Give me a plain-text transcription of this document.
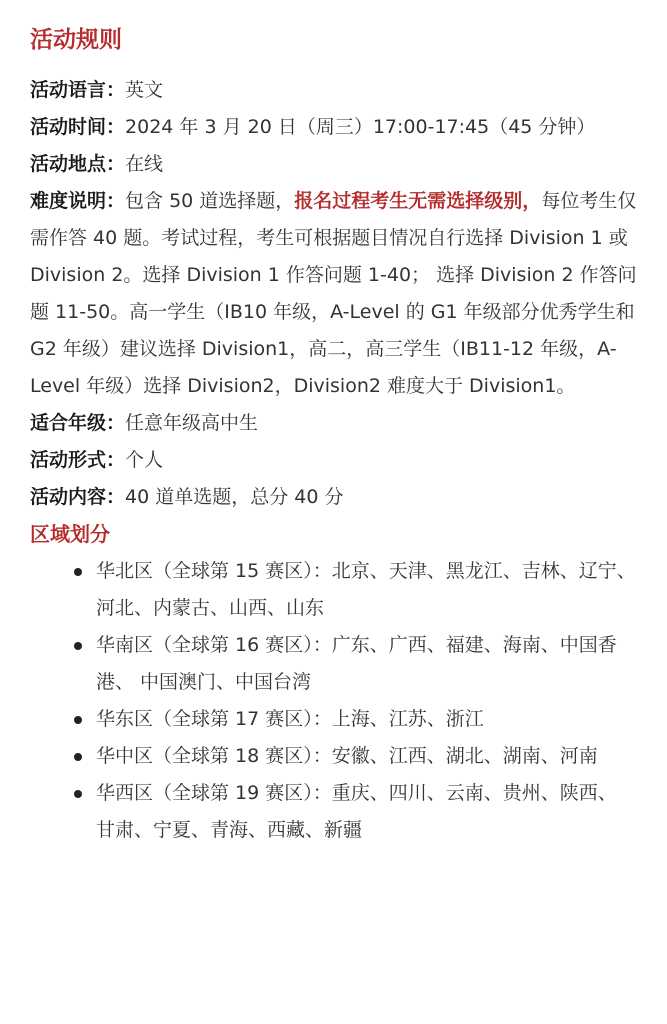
活动规则

活动语言：英文

活动时间：2024 年 3 月 20 日（周三）17:00-17:45（45 分钟）

活动地点：在线

难度说明：包含 50 道选择题，报名过程考生无需选择级别，每位考生仅需作答 40 题。考试过程，考生可根据题目情况自行选择 Division 1 或 Division 2。选择 Division 1 作答问题 1-40； 选择 Division 2 作答问题 11-50。高一学生（IB10 年级，A-Level 的 G1 年级部分优秀学生和 G2 年级）建议选择 Division1，高二，高三学生（IB11-12 年级，A-Level 年级）选择 Division2，Division2 难度大于 Division1。

适合年级：任意年级高中生

活动形式：个人

活动内容：40 道单选题，总分 40 分

区域划分

华北区（全球第 15 赛区）：北京、天津、黑龙江、吉林、辽宁、 河北、内蒙古、山西、山东
华南区（全球第 16 赛区）：广东、广西、福建、海南、中国香港、 中国澳门、中国台湾
华东区（全球第 17 赛区）：上海、江苏、浙江
华中区（全球第 18 赛区）：安徽、江西、湖北、湖南、河南
华西区（全球第 19 赛区）：重庆、四川、云南、贵州、陕西、 甘肃、宁夏、青海、西藏、新疆
